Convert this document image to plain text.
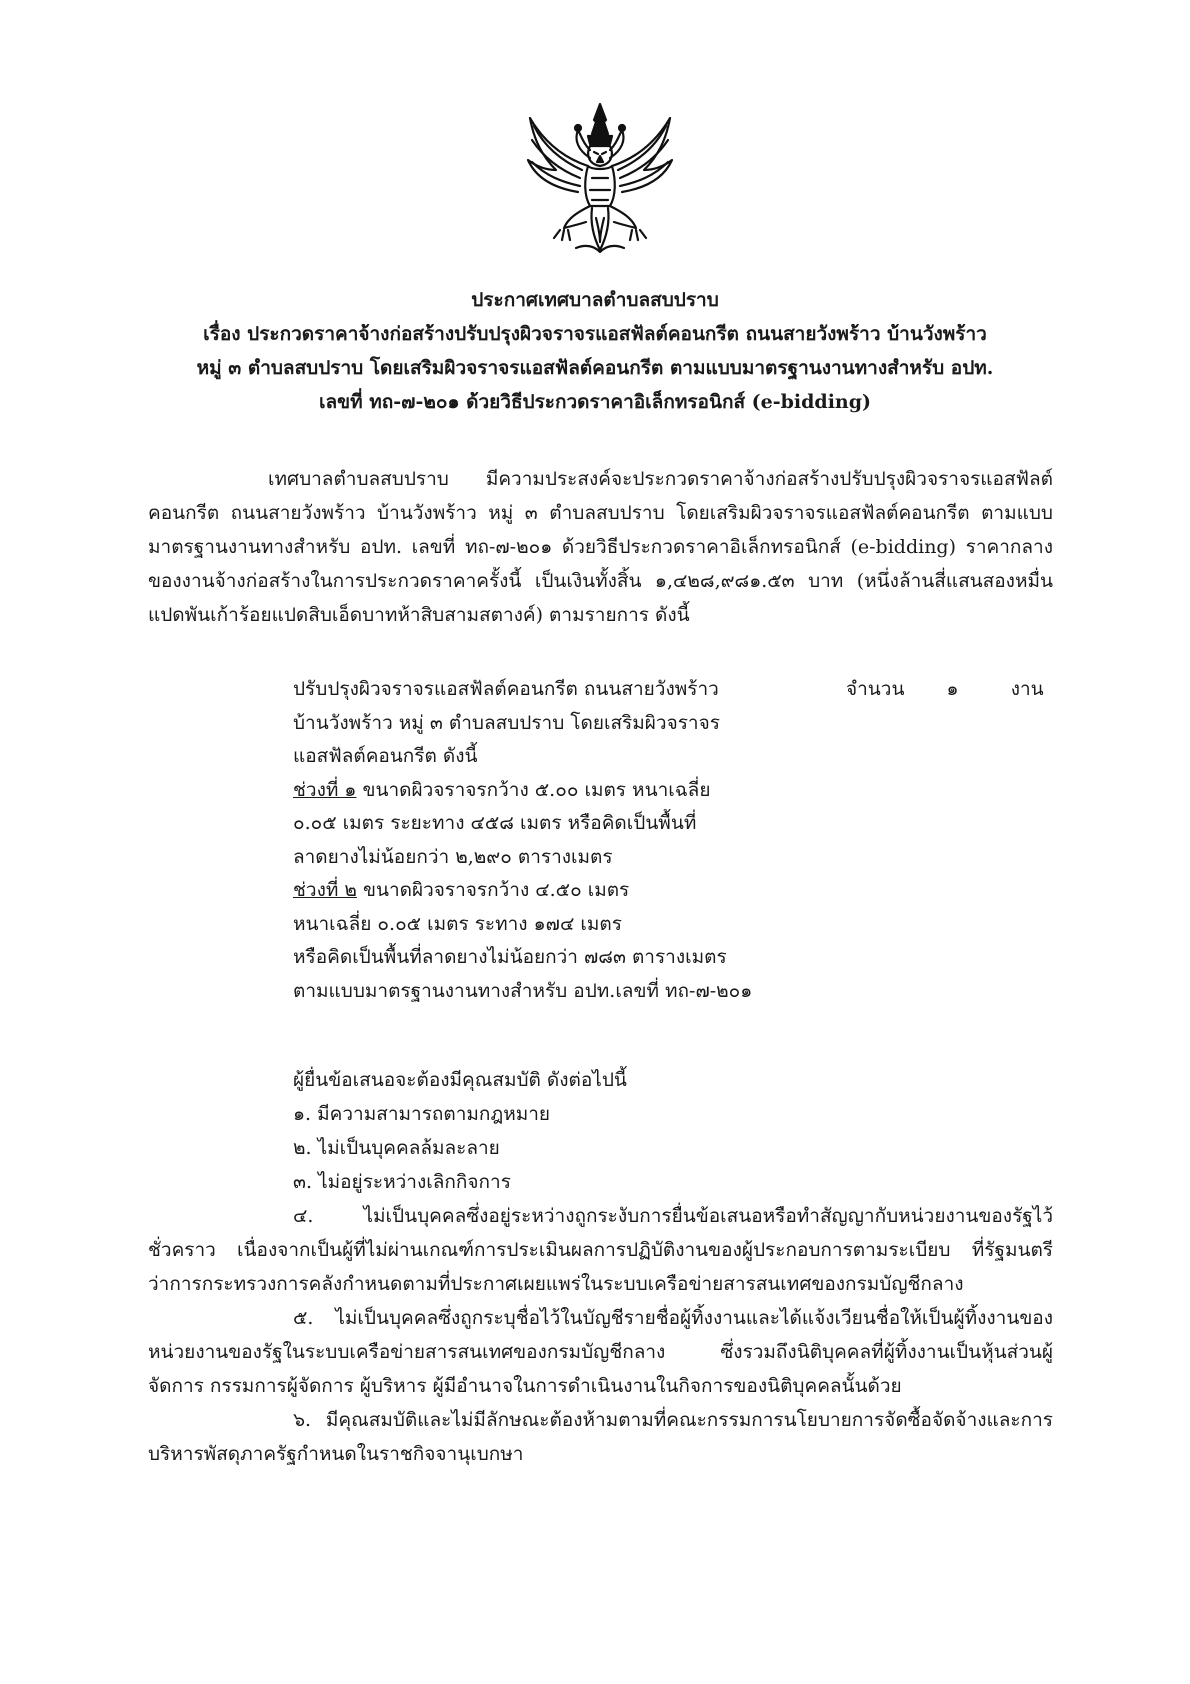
ประกาศเทศบาลตำบลสบปราบ
เรื่อง ประกวดราคาจ้างก่อสร้างปรับปรุงผิวจราจรแอสฟัลต์คอนกรีต ถนนสายวังพร้าว บ้านวังพร้าว
หมู่ ๓ ตำบลสบปราบ โดยเสริมผิวจราจรแอสฟัลต์คอนกรีต ตามแบบมาตรฐานงานทางสำหรับ อปท.
เลขที่ ทถ-๗-๒๐๑ ด้วยวิธีประกวดราคาอิเล็กทรอนิกส์ (e-bidding)
เทศบาลตำบลสบปราบ มีความประสงค์จะประกวดราคาจ้างก่อสร้างปรับปรุงผิวจราจรแอสฟัลต์คอนกรีต ถนนสายวังพร้าว บ้านวังพร้าว หมู่ ๓ ตำบลสบปราบ โดยเสริมผิวจราจรแอสฟัลต์คอนกรีต ตามแบบมาตรฐานงานทางสำหรับ อปท. เลขที่ ทถ-๗-๒๐๑ ด้วยวิธีประกวดราคาอิเล็กทรอนิกส์ (e-bidding) ราคากลางของงานจ้างก่อสร้างในการประกวดราคาครั้งนี้ เป็นเงินทั้งสิ้น ๑,๔๒๘,๙๘๑.๕๓ บาท (หนึ่งล้านสี่แสนสองหมื่นแปดพันเก้าร้อยแปดสิบเอ็ดบาทห้าสิบสามสตางค์) ตามรายการ ดังนี้
จำนวน ๑	งาน
ปรับปรุงผิวจราจรแอสฟัลต์คอนกรีต ถนนสายวังพร้าว
บ้านวังพร้าว หมู่ ๓ ตำบลสบปราบ โดยเสริมผิวจราจร
แอสฟัลต์คอนกรีต ดังนี้
ช่วงที่ ๑ ขนาดผิวจราจรกว้าง ๕.๐๐ เมตร หนาเฉลี่ย
๐.๐๕ เมตร ระยะทาง ๔๕๘ เมตร หรือคิดเป็นพื้นที่
ลาดยางไม่น้อยกว่า ๒,๒๙๐ ตารางเมตร
ช่วงที่ ๒ ขนาดผิวจราจรกว้าง ๔.๕๐ เมตร
หนาเฉลี่ย ๐.๐๕ เมตร ระทาง ๑๗๔ เมตร
หรือคิดเป็นพื้นที่ลาดยางไม่น้อยกว่า ๗๘๓ ตารางเมตร
ตามแบบมาตรฐานงานทางสำหรับ อปท.เลขที่ ทถ-๗-๒๐๑
ผู้ยื่นข้อเสนอจะต้องมีคุณสมบัติ ดังต่อไปนี้
๑. มีความสามารถตามกฎหมาย
๒. ไม่เป็นบุคคลล้มละลาย
๓. ไม่อยู่ระหว่างเลิกกิจการ
๔. ไม่เป็นบุคคลซึ่งอยู่ระหว่างถูกระงับการยื่นข้อเสนอหรือทำสัญญากับหน่วยงานของรัฐไว้ชั่วคราว เนื่องจากเป็นผู้ที่ไม่ผ่านเกณฑ์การประเมินผลการปฏิบัติงานของผู้ประกอบการตามระเบียบ ที่รัฐมนตรีว่าการกระทรวงการคลังกำหนดตามที่ประกาศเผยแพร่ในระบบเครือข่ายสารสนเทศของกรมบัญชีกลาง
๕. ไม่เป็นบุคคลซึ่งถูกระบุชื่อไว้ในบัญชีรายชื่อผู้ทิ้งงานและได้แจ้งเวียนชื่อให้เป็นผู้ทิ้งงานของหน่วยงานของรัฐในระบบเครือข่ายสารสนเทศของกรมบัญชีกลาง ซึ่งรวมถึงนิติบุคคลที่ผู้ทิ้งงานเป็นหุ้นส่วนผู้จัดการ กรรมการผู้จัดการ ผู้บริหาร ผู้มีอำนาจในการดำเนินงานในกิจการของนิติบุคคลนั้นด้วย
๖. มีคุณสมบัติและไม่มีลักษณะต้องห้ามตามที่คณะกรรมการนโยบายการจัดซื้อจัดจ้างและการบริหารพัสดุภาครัฐกำหนดในราชกิจจานุเบกษา
